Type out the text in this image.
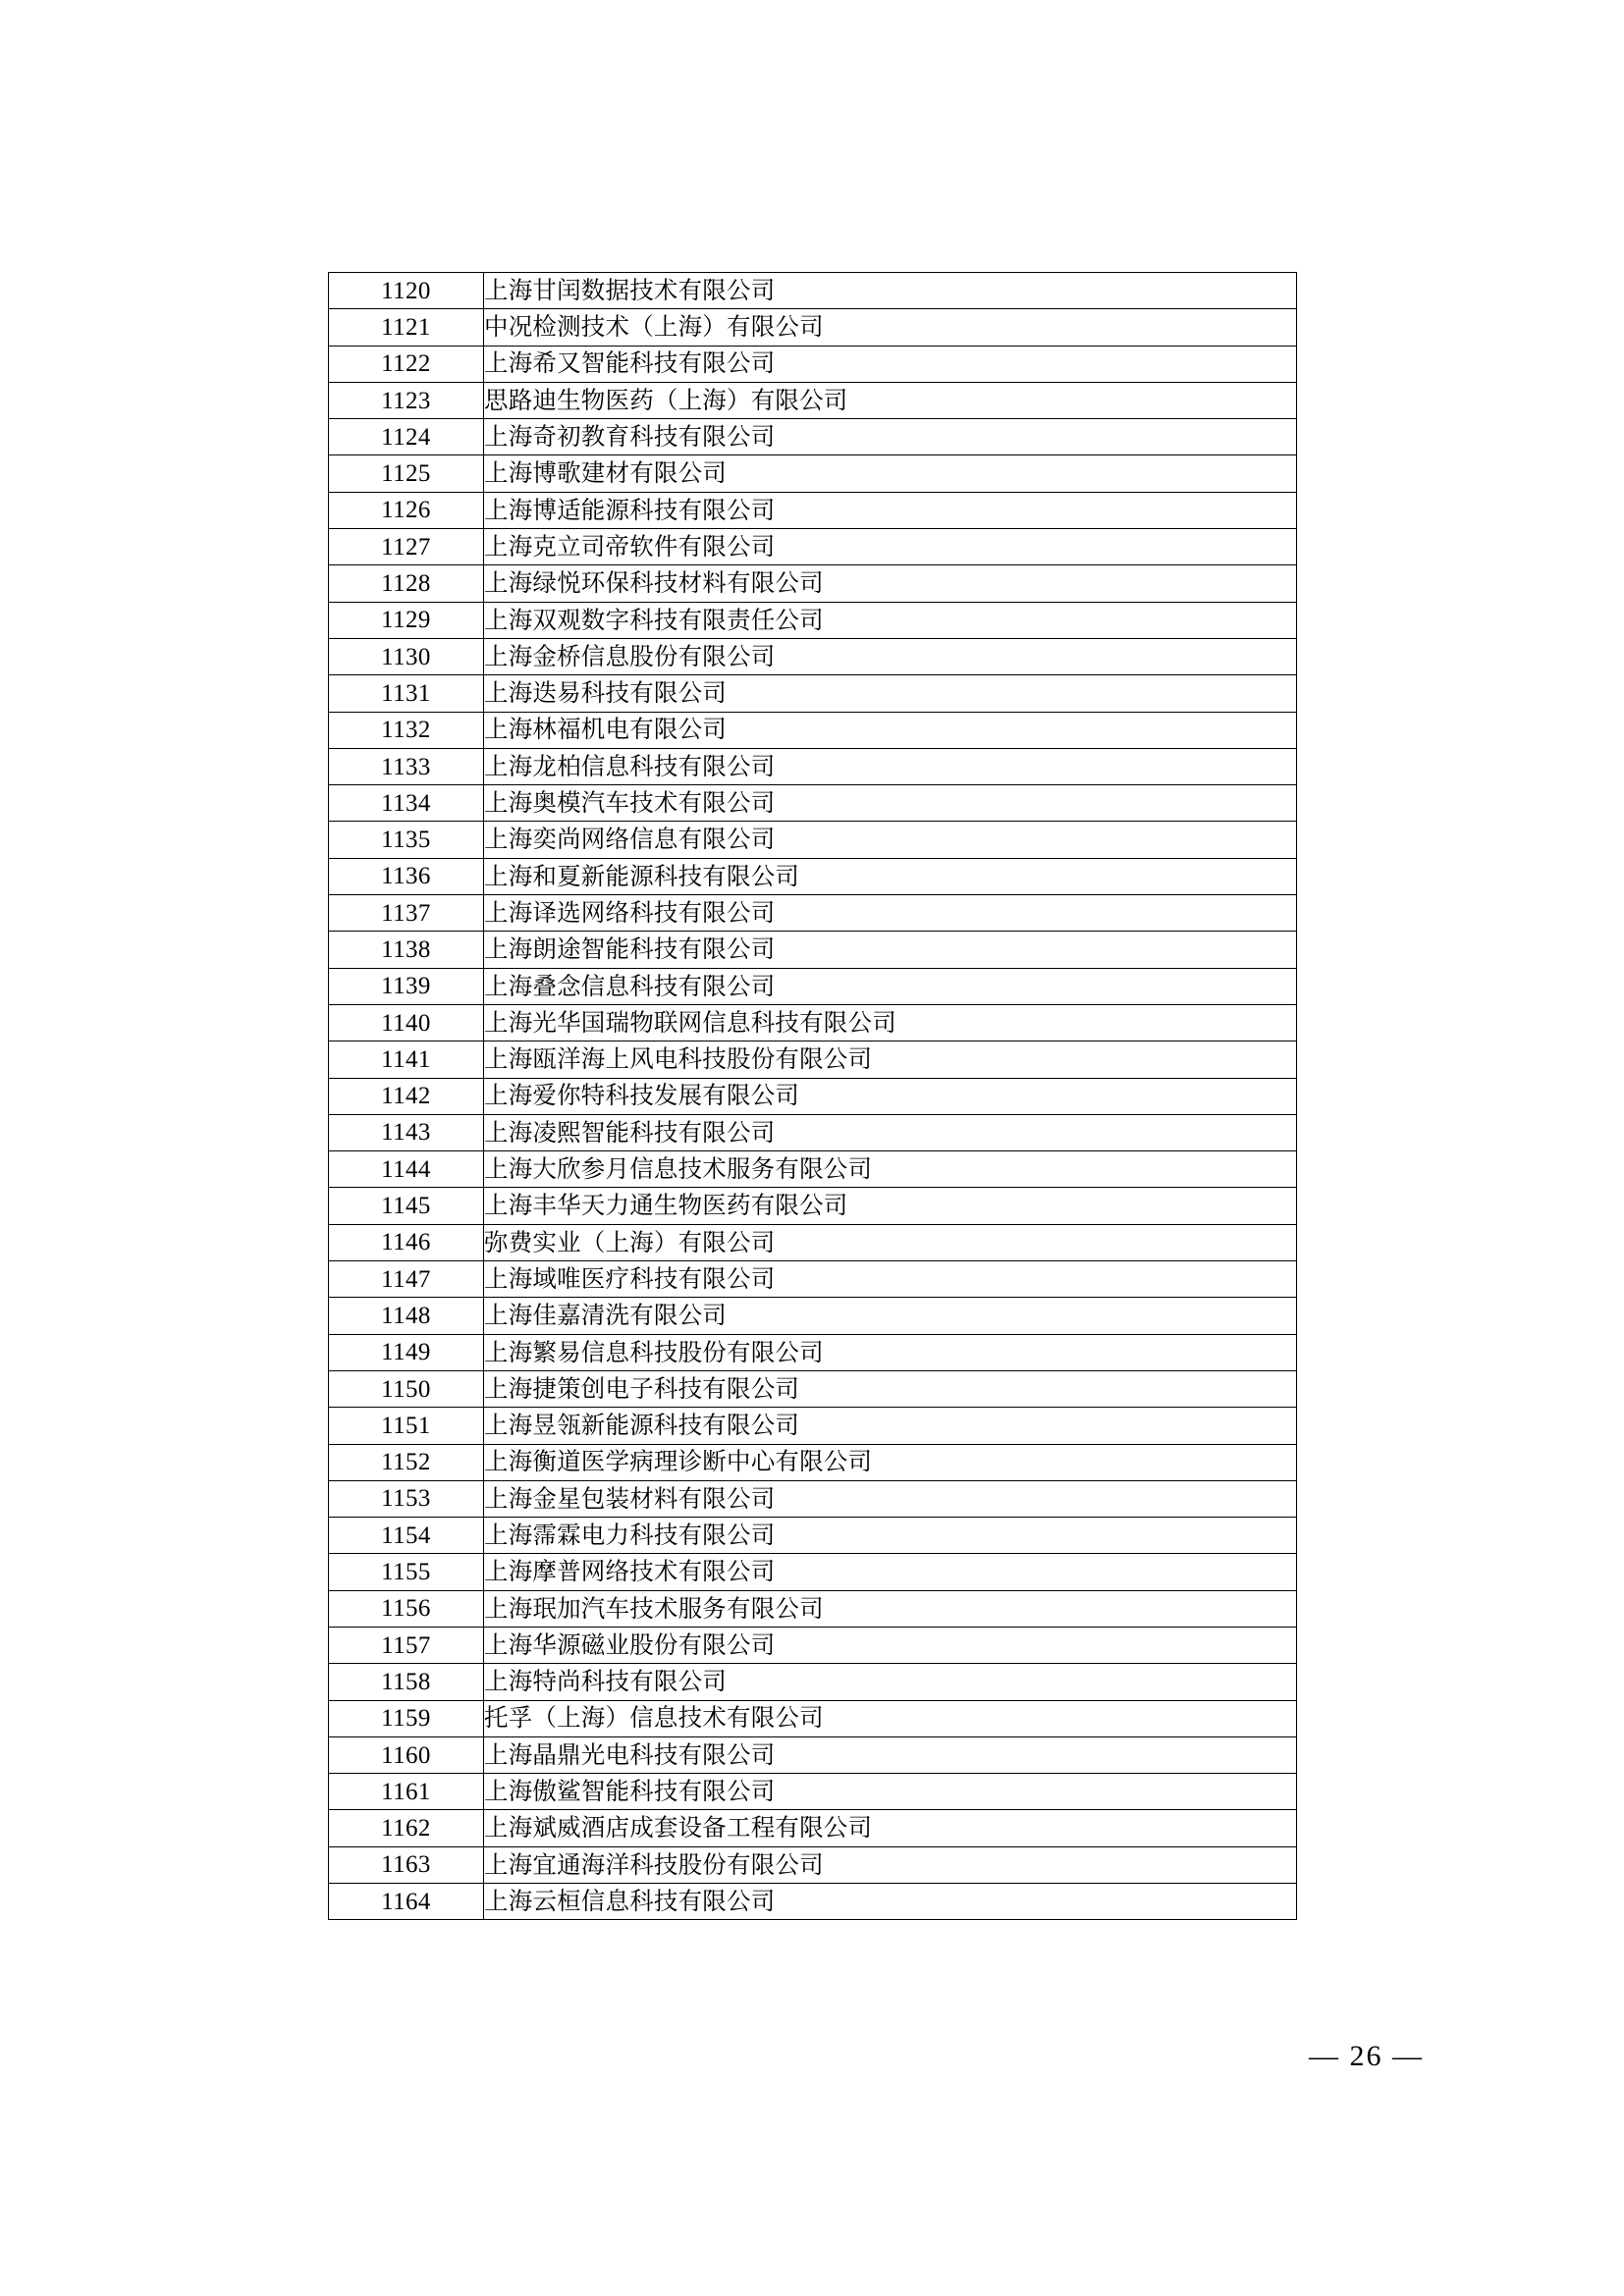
1120	上海甘闰数据技术有限公司
1121	中况检测技术（上海）有限公司
1122	上海希又智能科技有限公司
1123	思路迪生物医药（上海）有限公司
1124	上海奇初教育科技有限公司
1125	上海博歌建材有限公司
1126	上海博适能源科技有限公司
1127	上海克立司帝软件有限公司
1128	上海绿悦环保科技材料有限公司
1129	上海双观数字科技有限责任公司
1130	上海金桥信息股份有限公司
1131	上海迭易科技有限公司
1132	上海林福机电有限公司
1133	上海龙柏信息科技有限公司
1134	上海奥模汽车技术有限公司
1135	上海奕尚网络信息有限公司
1136	上海和夏新能源科技有限公司
1137	上海译选网络科技有限公司
1138	上海朗途智能科技有限公司
1139	上海叠念信息科技有限公司
1140	上海光华国瑞物联网信息科技有限公司
1141	上海瓯洋海上风电科技股份有限公司
1142	上海爱你特科技发展有限公司
1143	上海凌熙智能科技有限公司
1144	上海大欣参月信息技术服务有限公司
1145	上海丰华天力通生物医药有限公司
1146	弥费实业（上海）有限公司
1147	上海域唯医疗科技有限公司
1148	上海佳嘉清洗有限公司
1149	上海繁易信息科技股份有限公司
1150	上海捷策创电子科技有限公司
1151	上海昱瓴新能源科技有限公司
1152	上海衡道医学病理诊断中心有限公司
1153	上海金星包装材料有限公司
1154	上海霈霖电力科技有限公司
1155	上海摩普网络技术有限公司
1156	上海珉加汽车技术服务有限公司
1157	上海华源磁业股份有限公司
1158	上海特尚科技有限公司
1159	托孚（上海）信息技术有限公司
1160	上海晶鼎光电科技有限公司
1161	上海傲鲨智能科技有限公司
1162	上海斌威酒店成套设备工程有限公司
1163	上海宜通海洋科技股份有限公司
1164	上海云桓信息科技有限公司
— 26 —
